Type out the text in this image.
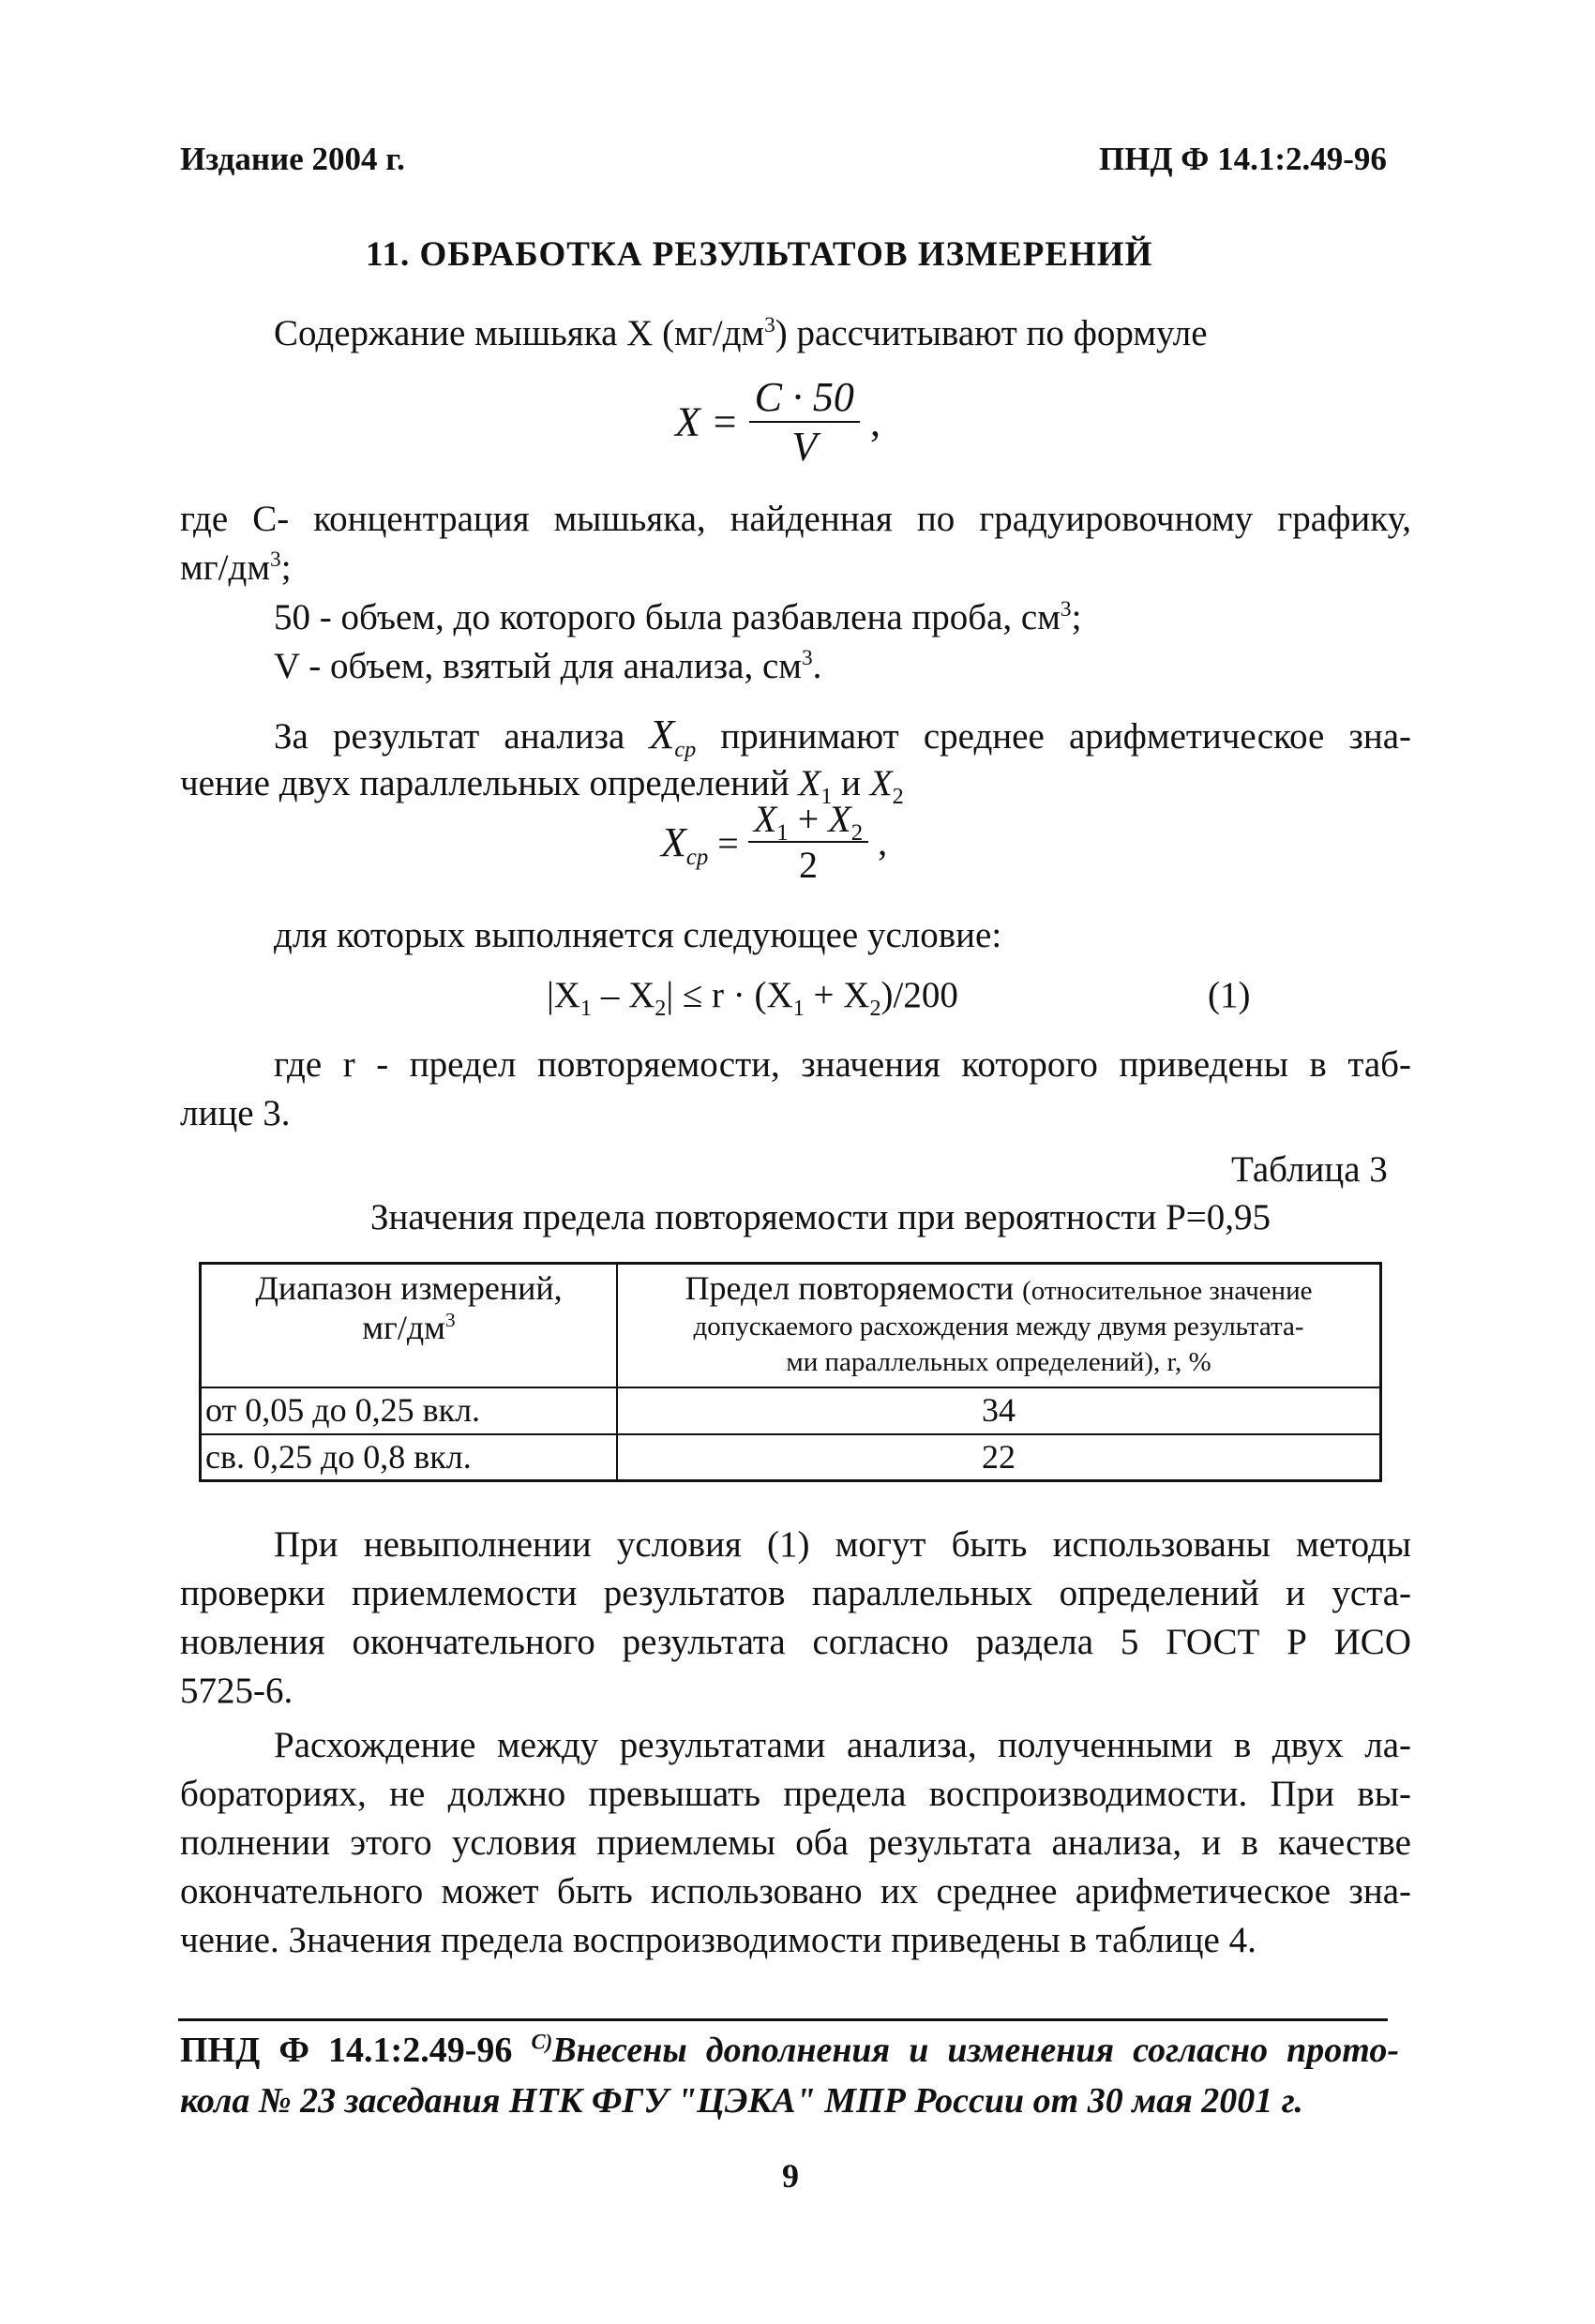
Издание 2004 г.	ПНД Ф 14.1:2.49-96
11. ОБРАБОТКА РЕЗУЛЬТАТОВ ИЗМЕРЕНИЙ
Содержание мышьяка X $(мг/дм^3)$ рассчитывают по формуле
$X = \frac{C \cdot 50}{V}$ ,
где С- концентрация мышьяка, найденная по градуировочному графику,
$мг/дм^3$;
50 - объем, до которого была разбавлена проба, $см^3$;
V - объем, взятый для анализа, $см^3$.
За результат анализа $X_{ср}$ принимают среднее арифметическое зна-
чение двух параллельных определений $X_1$ и $X_2$
$X_{ср} = \frac{X_1 + X_2}{2}$ ,
для которых выполняется следующее условие:
$|X_1 - X_2| \le r \cdot (X_1 + X_2)/200$	(1)
где r - предел повторяемости, значения которого приведены в таб-
лице 3.
Таблица 3
Значения предела повторяемости при вероятности Р=0,95
Диапазон измерений,
$мг/дм^3$	Предел повторяемости (относительное значение
допускаемого расхождения между двумя результата-
ми параллельных определений), r, %

от 0,05 до 0,25 вкл.	34
св. 0,25 до 0,8 вкл.	22
При невыполнении условия (1) могут быть использованы методы
проверки приемлемости результатов параллельных определений и уста-
новления окончательного результата согласно раздела 5 ГОСТ Р ИСО
5725-6.
Расхождение между результатами анализа, полученными в двух ла-
бораториях, не должно превышать предела воспроизводимости. При вы-
полнении этого условия приемлемы оба результата анализа, и в качестве
окончательного может быть использовано их среднее арифметическое зна-
чение. Значения предела воспроизводимости приведены в таблице 4.
ПНД Ф 14.1:2.49-96 $^{С)}$Внесены дополнения и изменения согласно прото-
кола № 23 заседания НТК ФГУ "ЦЭКА" МПР России от 30 мая 2001 г.
9
